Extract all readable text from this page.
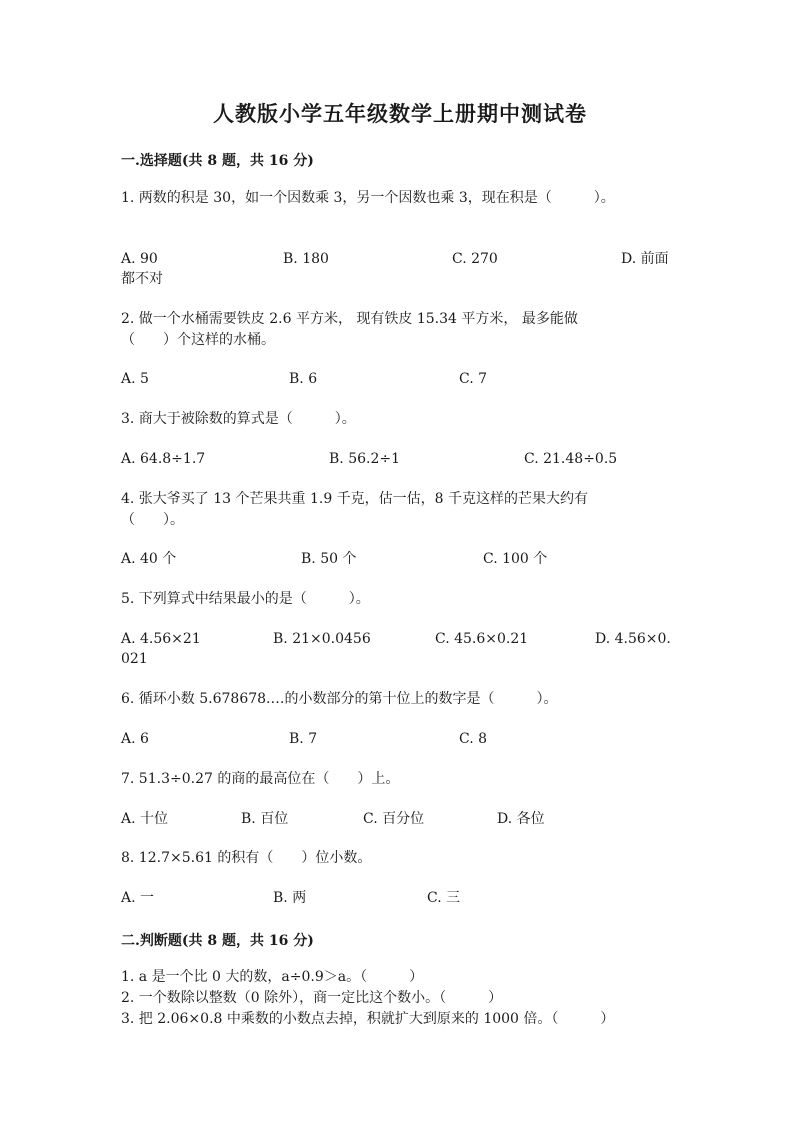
人教版小学五年级数学上册期中测试卷

一.选择题(共 8 题，共 16 分)

1. 两数的积是 30，如一个因数乘 3，另一个因数也乘 3，现在积是（　　　）。

A. 90	B. 180	C. 270	D. 前面
都不对

2. 做一个水桶需要铁皮 2.6 平方米， 现有铁皮 15.34 平方米， 最多能做

（　　）个这样的水桶。

A. 5	B. 6	C. 7

3. 商大于被除数的算式是（　　　）。

A. 64.8÷1.7	B. 56.2÷1	C. 21.48÷0.5

4. 张大爷买了 13 个芒果共重 1.9 千克，估一估，8 千克这样的芒果大约有

（　　）。

A. 40 个	B. 50 个	C. 100 个

5. 下列算式中结果最小的是（　　　）。

A. 4.56×21	B. 21×0.0456	C. 45.6×0.21	D. 4.56×0.
021

6. 循环小数 5.678678.…的小数部分的第十位上的数字是（　　　）。

A. 6	B. 7	C. 8

7. 51.3÷0.27 的商的最高位在（　　）上。

A. 十位	B. 百位	C. 百分位	D. 各位

8. 12.7×5.61 的积有（　　）位小数。

A. 一	B. 两	C. 三

二.判断题(共 8 题，共 16 分)

1. a 是一个比 0 大的数，a÷0.9＞a。（　　　）

2. 一个数除以整数（0 除外），商一定比这个数小。（　　　）

3. 把 2.06×0.8 中乘数的小数点去掉，积就扩大到原来的 1000 倍。（　　　）
